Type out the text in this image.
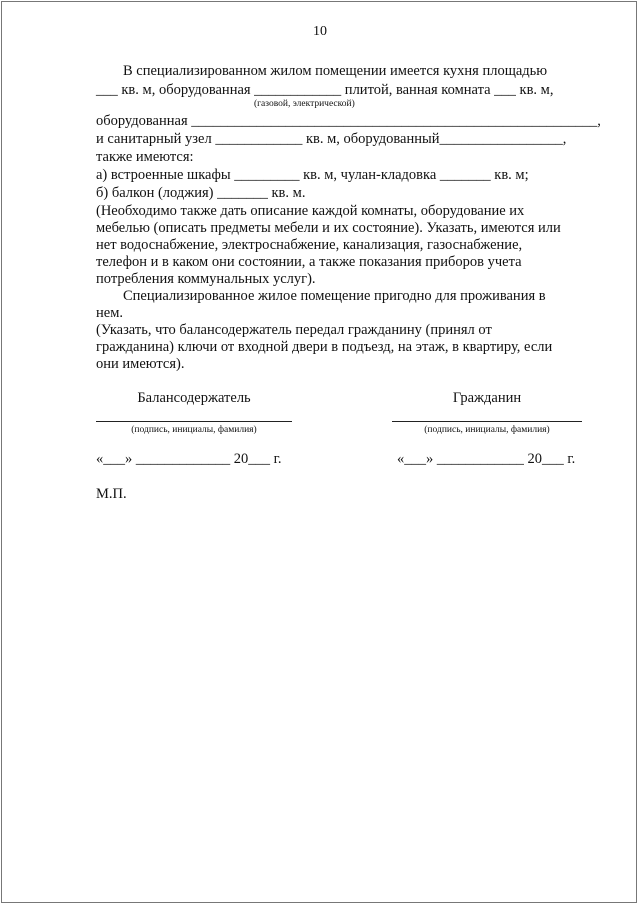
10
В специализированном жилом помещении имеется кухня площадью
___ кв. м, оборудованная ____________ плитой, ванная комната ___ кв. м,
(газовой, электрической)
оборудованная ________________________________________________________,
и санитарный узел ____________ кв. м, оборудованный_________________,
также имеются:
а) встроенные шкафы _________ кв. м, чулан-кладовка _______ кв. м;
б) балкон (лоджия) _______ кв. м.
(Необходимо также дать описание каждой комнаты, оборудование их
мебелью (описать предметы мебели и их состояние). Указать, имеются или
нет водоснабжение, электроснабжение, канализация, газоснабжение,
телефон и в каком они состоянии, а также показания приборов учета
потребления коммунальных услуг).
Специализированное жилое помещение пригодно для проживания в
нем.
(Указать, что балансодержатель передал гражданину (принял от
гражданина) ключи от входной двери в подъезд, на этаж, в квартиру, если
они имеются).
Балансодержатель	Гражданин
(подпись, инициалы, фамилия)	(подпись, инициалы, фамилия)
«___» _____________ 20___ г.	«___» ____________ 20___ г.
М.П.
